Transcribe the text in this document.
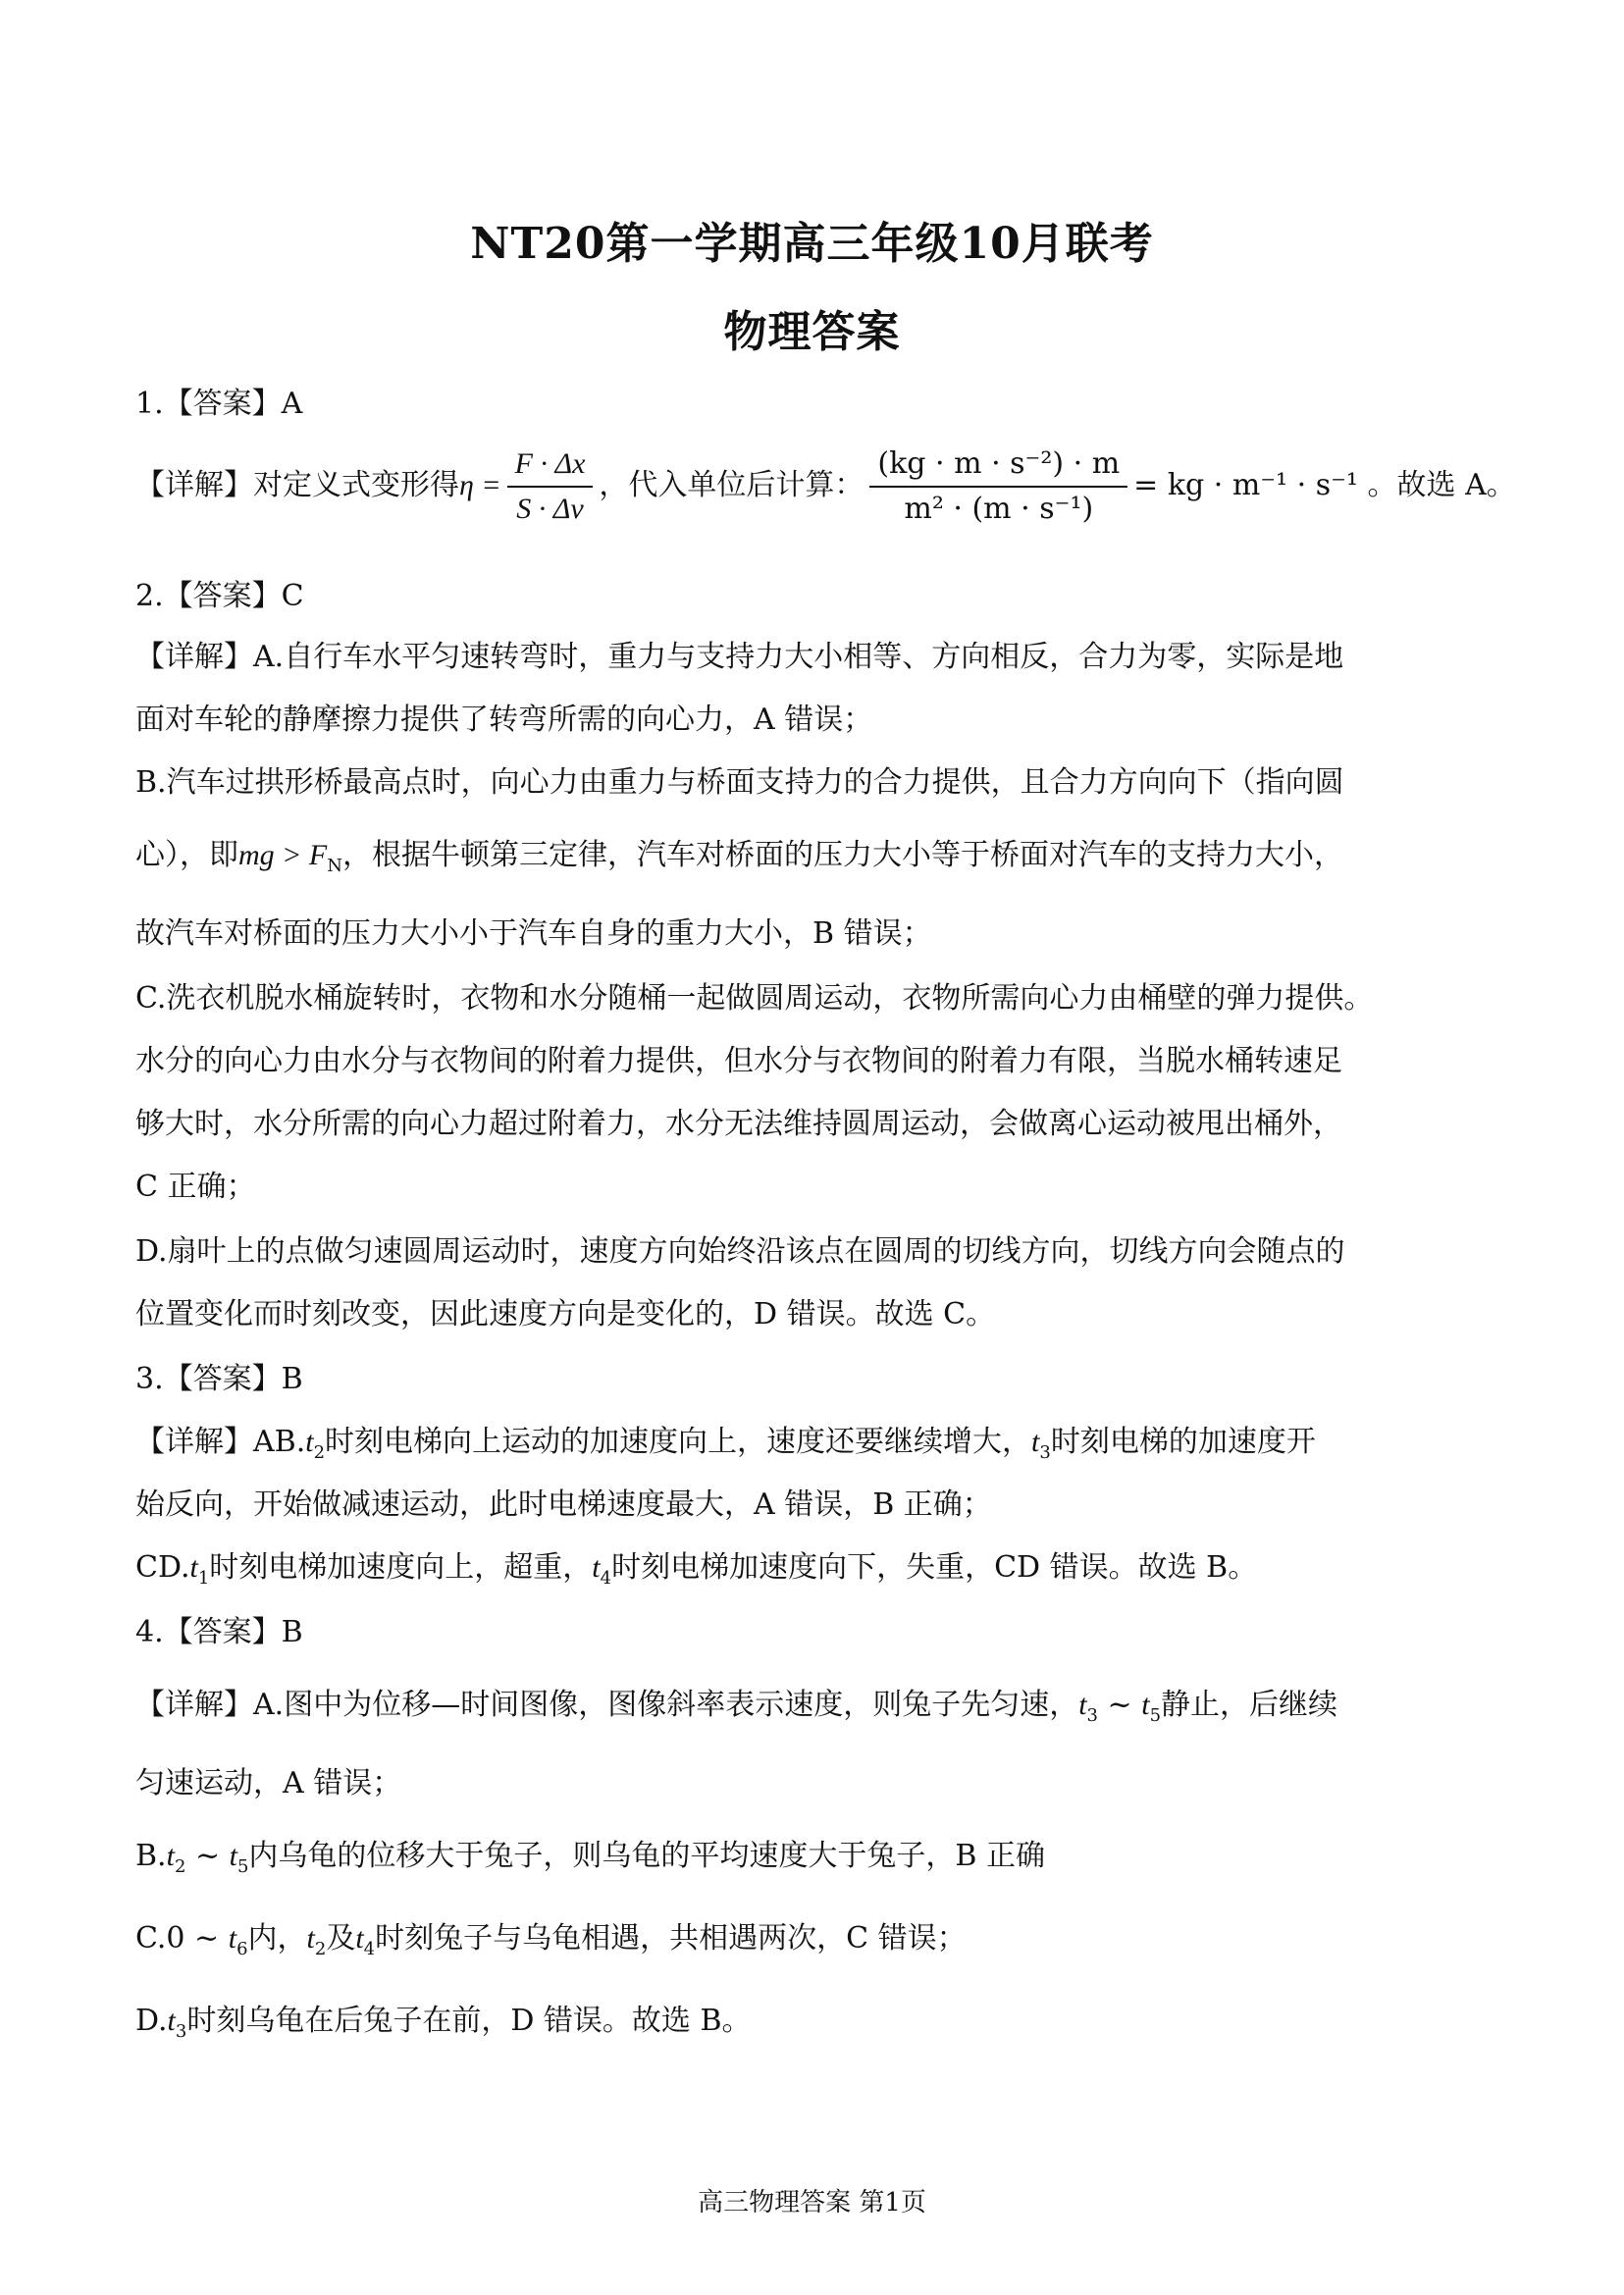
NT20第一学期高三年级10月联考
物理答案
1.【答案】A
【详解】对定义式变形得$\eta = \frac{F \cdot \Delta x}{S \cdot \Delta v}$ ，代入单位后计算： $\frac{\text{(kg · m · s⁻²) · m}}{\text{m² · (m · s⁻¹)}}$ = kg · m⁻¹ · s⁻¹ 。故选 A。
2.【答案】C
【详解】A.自行车水平匀速转弯时，重力与支持力大小相等、方向相反，合力为零，实际是地
面对车轮的静摩擦力提供了转弯所需的向心力，A 错误；
B.汽车过拱形桥最高点时，向心力由重力与桥面支持力的合力提供，且合力方向向下（指向圆
心），即mg > $F_N$，根据牛顿第三定律，汽车对桥面的压力大小等于桥面对汽车的支持力大小，
故汽车对桥面的压力大小小于汽车自身的重力大小，B 错误；
C.洗衣机脱水桶旋转时，衣物和水分随桶一起做圆周运动，衣物所需向心力由桶壁的弹力提供。
水分的向心力由水分与衣物间的附着力提供，但水分与衣物间的附着力有限，当脱水桶转速足
够大时，水分所需的向心力超过附着力，水分无法维持圆周运动，会做离心运动被甩出桶外，
C 正确；
D.扇叶上的点做匀速圆周运动时，速度方向始终沿该点在圆周的切线方向，切线方向会随点的
位置变化而时刻改变，因此速度方向是变化的，D 错误。故选 C。
3.【答案】B
【详解】$AB.t_2$时刻电梯向上运动的加速度向上，速度还要继续增大，$t_3$时刻电梯的加速度开
始反向，开始做减速运动，此时电梯速度最大，A 错误，B 正确；
$CD.t_1$时刻电梯加速度向上，超重，$t_4$时刻电梯加速度向下，失重，CD 错误。故选 B。
4.【答案】B
【详解】A.图中为位移—时间图像，图像斜率表示速度，则兔子先匀速，$t_3$ ~ $t_5$静止，后继续
匀速运动，A 错误；
$B.t_2$ ~ $t_5$内乌龟的位移大于兔子，则乌龟的平均速度大于兔子，B 正确
C.0 ~ $t_6$内，$t_2$及$t_4$时刻兔子与乌龟相遇，共相遇两次，C 错误；
$D.t_3$时刻乌龟在后兔子在前，D 错误。故选 B。
高三物理答案 第1页
